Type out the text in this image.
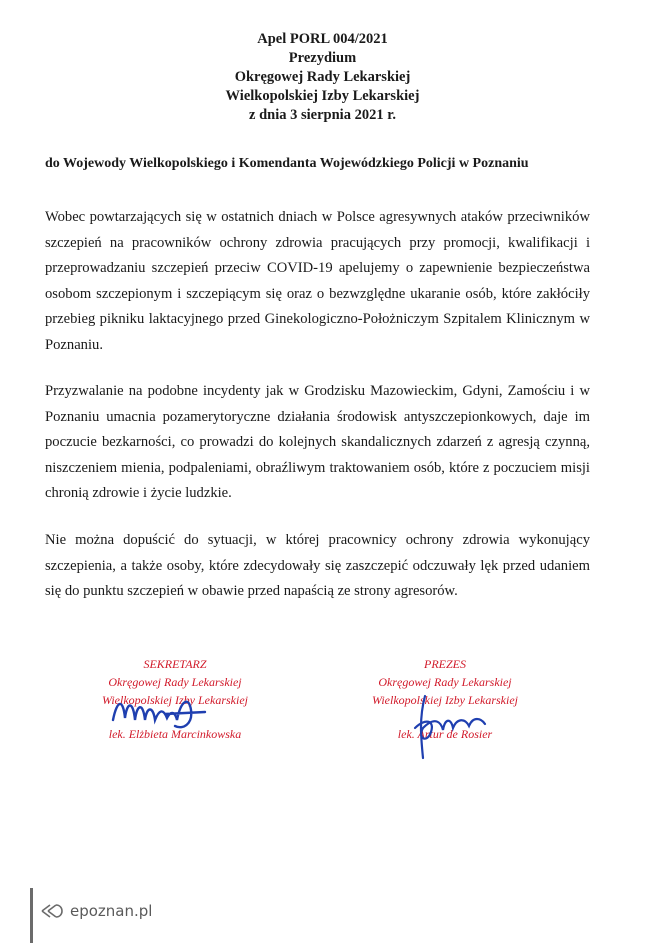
Apel PORL 004/2021
Prezydium
Okręgowej Rady Lekarskiej
Wielkopolskiej Izby Lekarskiej
z dnia 3 sierpnia 2021 r.
do Wojewody Wielkopolskiego i Komendanta Wojewódzkiego Policji w Poznaniu
Wobec powtarzających się w ostatnich dniach w Polsce agresywnych ataków przeciwników szczepień na pracowników ochrony zdrowia pracujących przy promocji, kwalifikacji i przeprowadzaniu szczepień przeciw COVID-19 apelujemy o zapewnienie bezpieczeństwa osobom szczepionym i szczepiącym się oraz o bezwzględne ukaranie osób, które zakłóciły przebieg pikniku laktacyjnego przed Ginekologiczno-Położniczym Szpitalem Klinicznym w Poznaniu.
Przyzwalanie na podobne incydenty jak w Grodzisku Mazowieckim, Gdyni, Zamościu i w Poznaniu umacnia pozamerytoryczne działania środowisk antyszczepionkowych, daje im poczucie bezkarności, co prowadzi do kolejnych skandalicznych zdarzeń z agresją czynną, niszczeniem mienia, podpaleniami, obraźliwym traktowaniem osób, które z poczuciem misji chronią zdrowie i życie ludzkie.
Nie można dopuścić do sytuacji, w której pracownicy ochrony zdrowia wykonujący szczepienia, a także osoby, które zdecydowały się zaszczepić odczuwały lęk przed udaniem się do punktu szczepień w obawie przed napaścią ze strony agresorów.
SEKRETARZ
Okręgowej Rady Lekarskiej
Wielkopolskiej Izby Lekarskiej
lek. Elżbieta Marcinkowska
PREZES
Okręgowej Rady Lekarskiej
Wielkopolskiej Izby Lekarskiej
lek. Artur de Rosier
epoznan.pl
